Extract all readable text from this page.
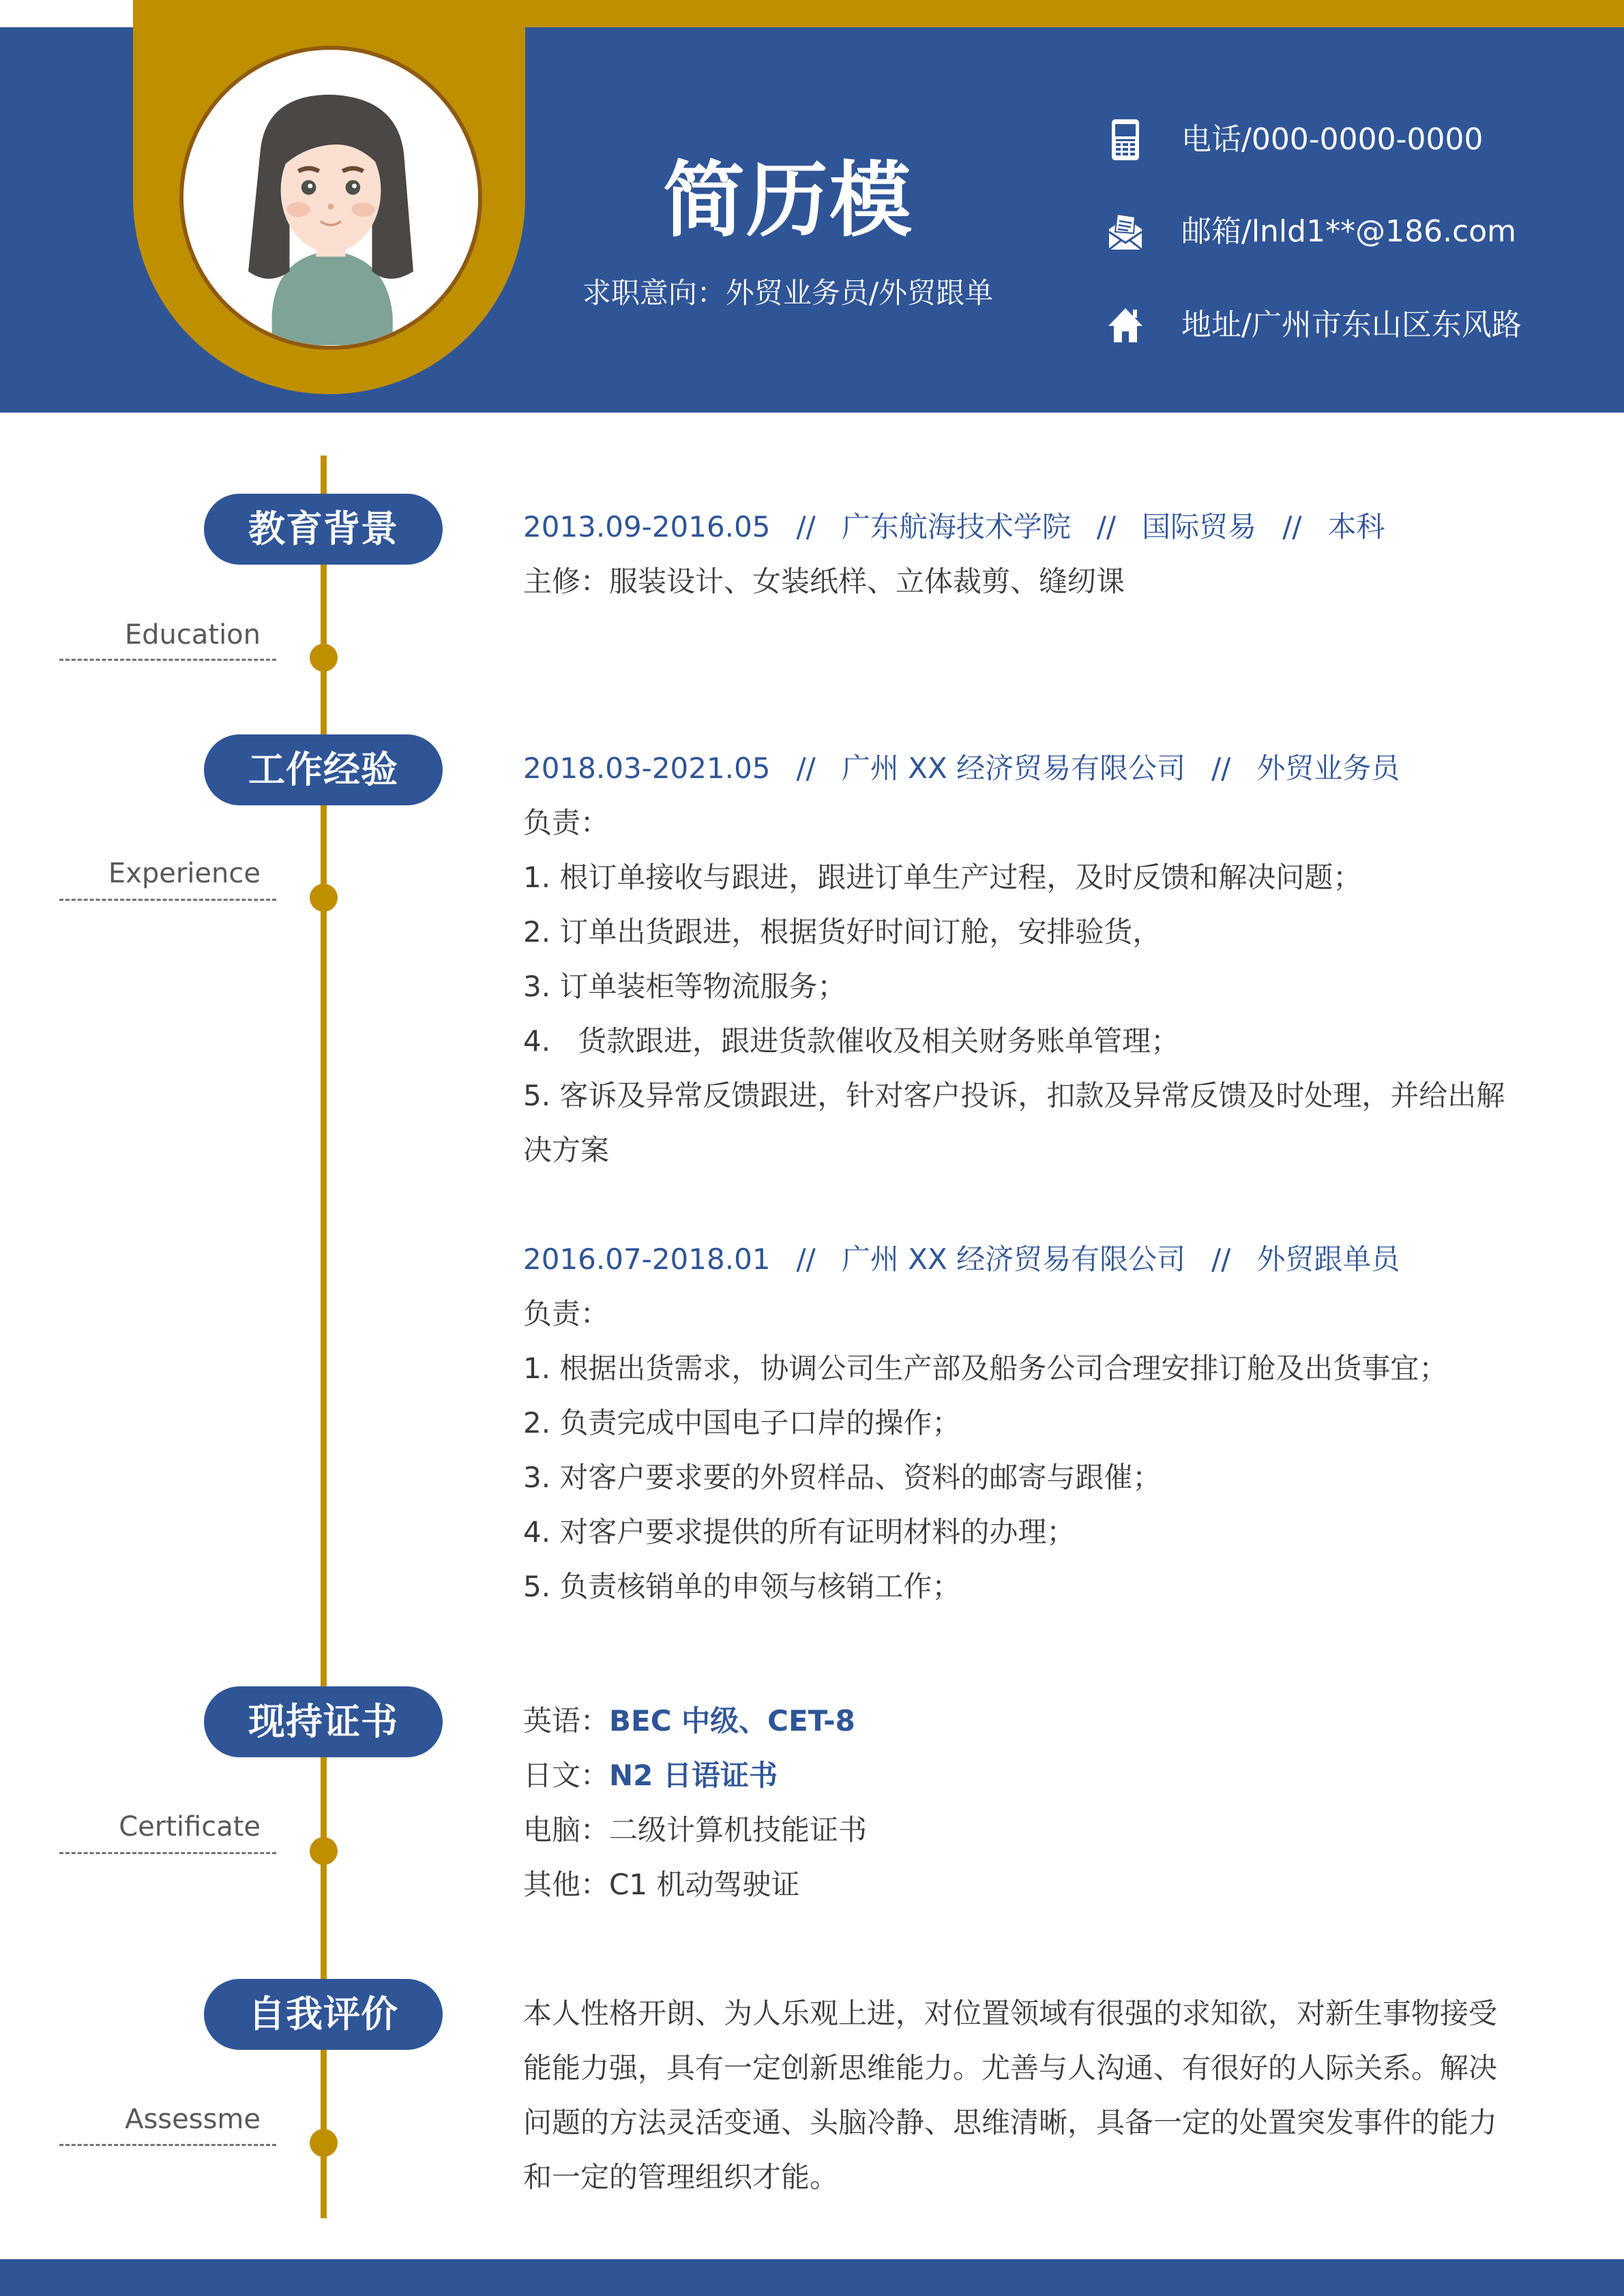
简历模
求职意向：外贸业务员/外贸跟单
电话/000-0000-0000
邮箱/lnld1**@186.com
地址/广州市东山区东风路
教育背景
Education
2013.09-2016.05 // 广东航海技术学院 // 国际贸易 // 本科
主修：服装设计、女装纸样、立体裁剪、缝纫课
工作经验
Experience
2018.03-2021.05 // 广州 XX 经济贸易有限公司 // 外贸业务员
负责：
1. 根订单接收与跟进，跟进订单生产过程，及时反馈和解决问题；
2. 订单出货跟进，根据货好时间订舱，安排验货，
3. 订单装柜等物流服务；
4.   货款跟进，跟进货款催收及相关财务账单管理；
5. 客诉及异常反馈跟进，针对客户投诉，扣款及异常反馈及时处理，并给出解
决方案
2016.07-2018.01 // 广州 XX 经济贸易有限公司 // 外贸跟单员
负责：
1. 根据出货需求，协调公司生产部及船务公司合理安排订舱及出货事宜；
2. 负责完成中国电子口岸的操作；
3. 对客户要求要的外贸样品、资料的邮寄与跟催；
4. 对客户要求提供的所有证明材料的办理；
5. 负责核销单的申领与核销工作；
现持证书
Certificate
英语：BEC 中级、CET-8
日文：N2 日语证书
电脑：二级计算机技能证书
其他：C1 机动驾驶证
自我评价
Assessme
本人性格开朗、为人乐观上进，对位置领域有很强的求知欲，对新生事物接受
能能力强，具有一定创新思维能力。尤善与人沟通、有很好的人际关系。解决
问题的方法灵活变通、头脑冷静、思维清晰，具备一定的处置突发事件的能力
和一定的管理组织才能。
